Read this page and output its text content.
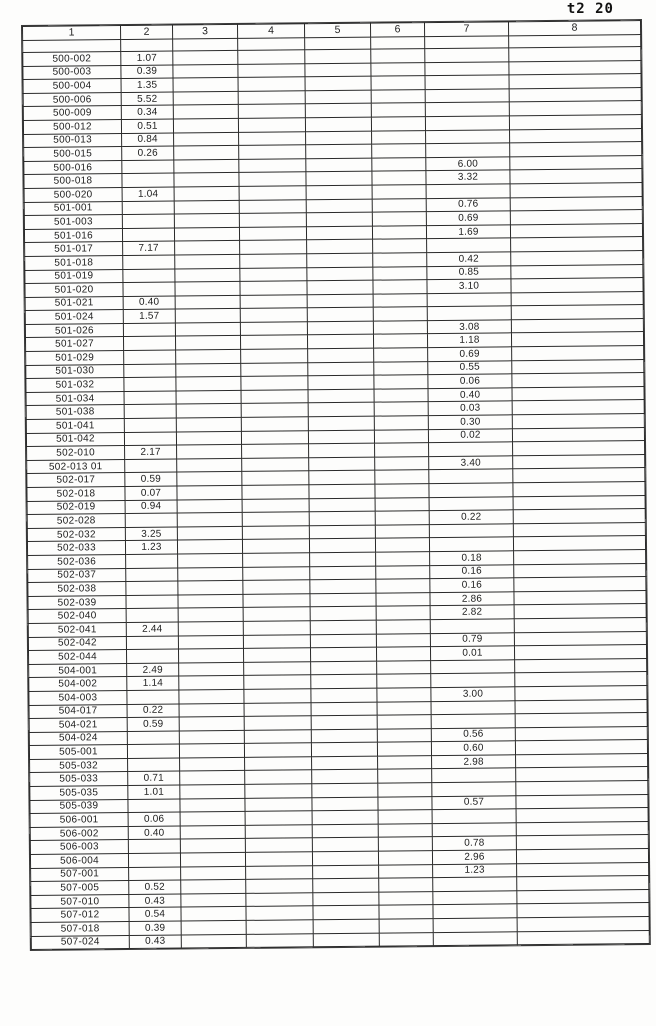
t2 20
1	2	3	4	5	6	7	8

500-002	1.07						
500-003	0.39						
500-004	1.35						
500-006	5.52						
500-009	0.34						
500-012	0.51						
500-013	0.84						
500-015	0.26						
500-016						6.00	
500-018						3.32	
500-020	1.04						
501-001						0.76	
501-003						0.69	
501-016						1.69	
501-017	7.17						
501-018						0.42	
501-019						0.85	
501-020						3.10	
501-021	0.40						
501-024	1.57						
501-026						3.08	
501-027						1.18	
501-029						0.69	
501-030						0.55	
501-032						0.06	
501-034						0.40	
501-038						0.03	
501-041						0.30	
501-042						0.02	
502-010	2.17						
502-013 01						3.40	
502-017	0.59						
502-018	0.07						
502-019	0.94						
502-028						0.22	
502-032	3.25						
502-033	1.23						
502-036						0.18	
502-037						0.16	
502-038						0.16	
502-039						2.86	
502-040						2.82	
502-041	2.44						
502-042						0.79	
502-044						0.01	
504-001	2.49						
504-002	1.14						
504-003						3.00	
504-017	0.22						
504-021	0.59						
504-024						0.56	
505-001						0.60	
505-032						2.98	
505-033	0.71						
505-035	1.01						
505-039						0.57	
506-001	0.06						
506-002	0.40						
506-003						0.78	
506-004						2.96	
507-001						1.23	
507-005	0.52						
507-010	0.43						
507-012	0.54						
507-018	0.39						
507-024	0.43						
